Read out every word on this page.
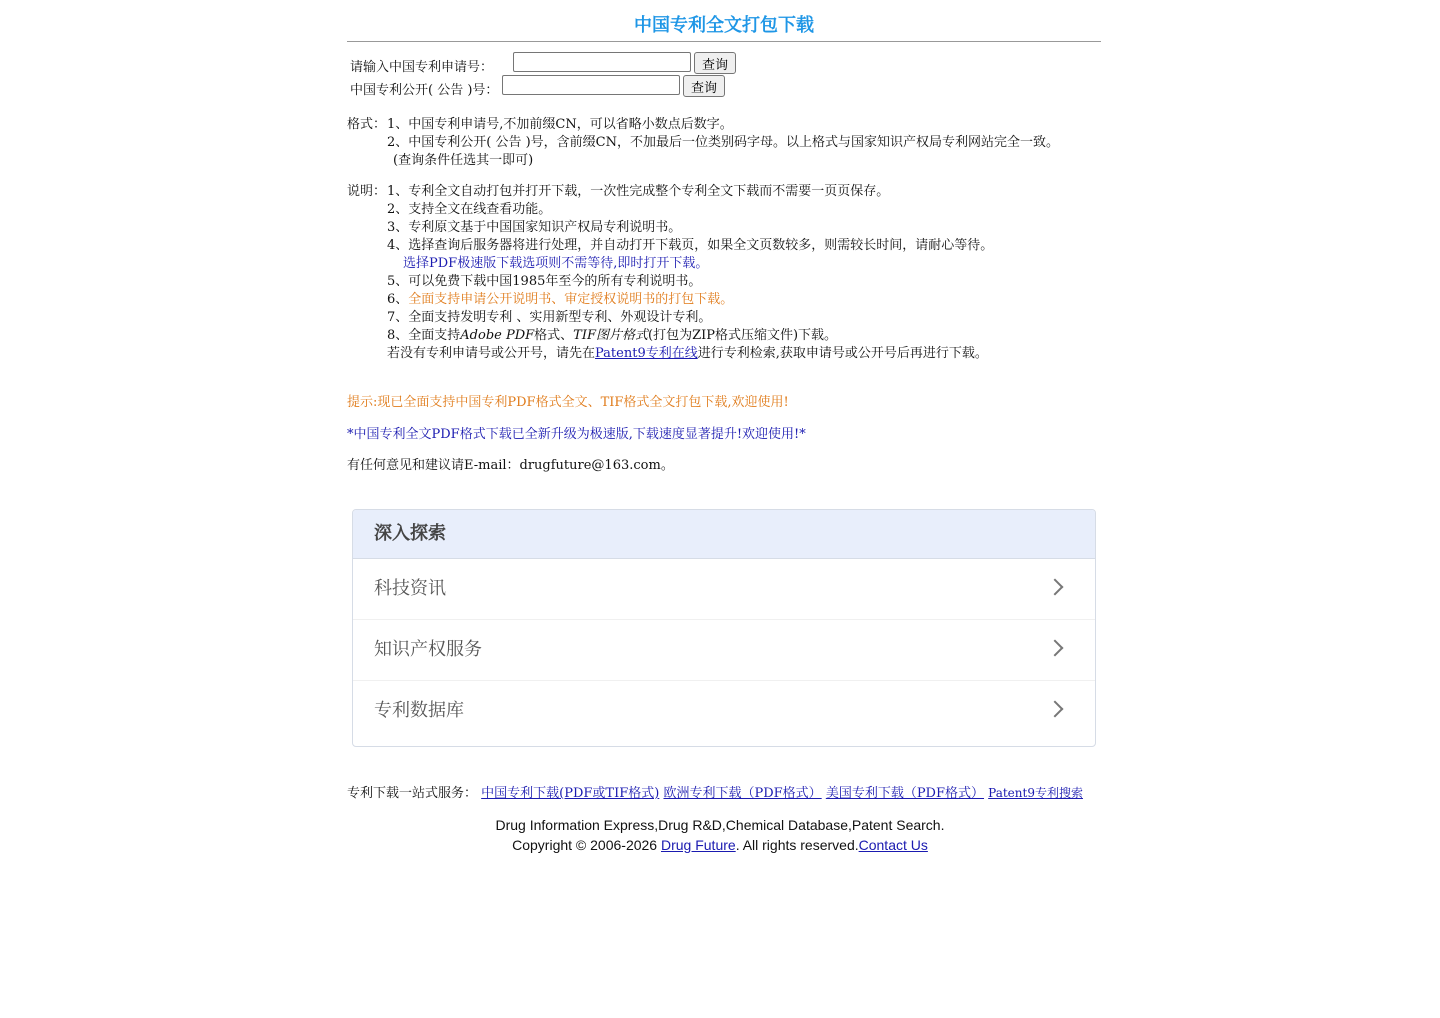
中国专利全文打包下载
请输入中国专利申请号：	查询
中国专利公开( 公告 )号：	查询
格式： 1、中国专利申请号,不加前缀CN，可以省略小数点后数字。
2、中国专利公开( 公告 )号，含前缀CN，不加最后一位类别码字母。以上格式与国家知识产权局专利网站完全一致。
(查询条件任选其一即可)
说明： 1、专利全文自动打包并打开下载，一次性完成整个专利全文下载而不需要一页页保存。
2、支持全文在线查看功能。
3、专利原文基于中国国家知识产权局专利说明书。
4、选择查询后服务器将进行处理，并自动打开下载页，如果全文页数较多，则需较长时间，请耐心等待。
选择PDF极速版下载选项则不需等待,即时打开下载。
5、可以免费下载中国1985年至今的所有专利说明书。
6、全面支持申请公开说明书、审定授权说明书的打包下载。
7、全面支持发明专利 、实用新型专利、外观设计专利。
8、全面支持Adobe PDF格式、TIF图片格式(打包为ZIP格式压缩文件)下载。
若没有专利申请号或公开号，请先在Patent9专利在线进行专利检索,获取申请号或公开号后再进行下载。
提示:现已全面支持中国专利PDF格式全文、TIF格式全文打包下载,欢迎使用!
*中国专利全文PDF格式下载已全新升级为极速版,下载速度显著提升!欢迎使用!*
有任何意见和建议请E-mail：drugfuture@163.com。
深入探索
科技资讯
知识产权服务
专利数据库
专利下载一站式服务： 中国专利下载(PDF或TIF格式) 欧洲专利下载（PDF格式） 美国专利下载（PDF格式） Patent9专利搜索
Drug Information Express,Drug R&D,Chemical Database,Patent Search.
Copyright © 2006-2026 Drug Future. All rights reserved.Contact Us
